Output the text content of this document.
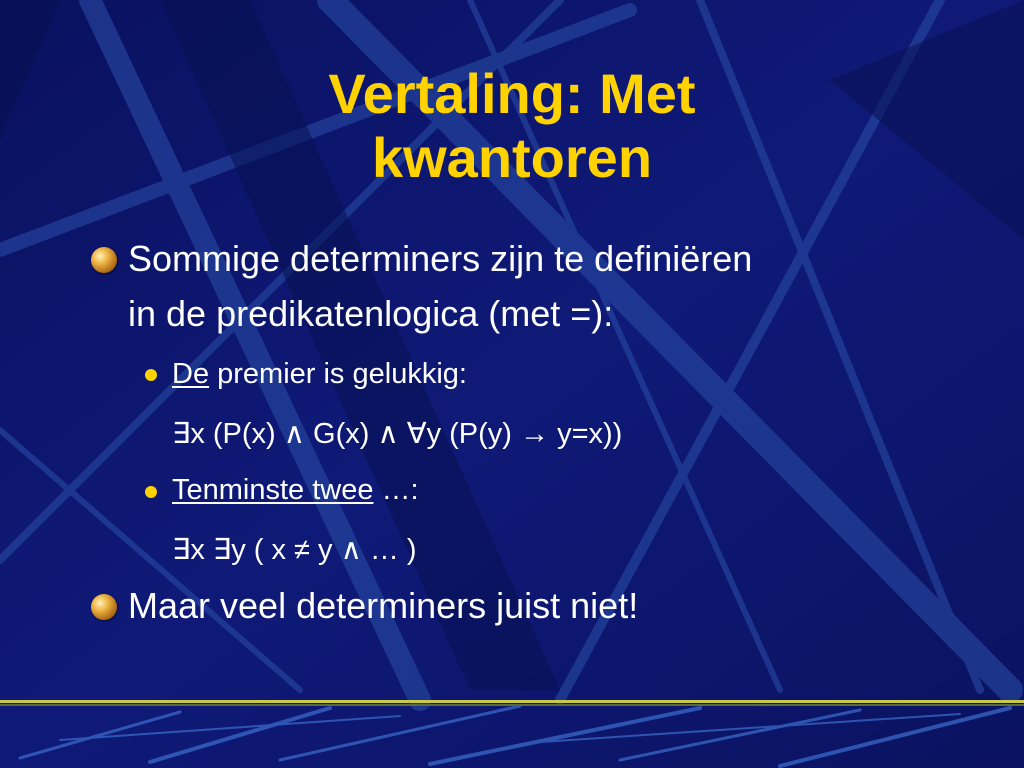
Vertaling: Met
kwantoren
Sommige determiners zijn te definiëren
in de predikatenlogica (met =):
De premier is gelukkig:
∃x (P(x) ∧ G(x) ∧ ∀y (P(y) → y=x))
Tenminste twee …:
∃x ∃y ( x ≠ y ∧ … )
Maar veel determiners juist niet!
